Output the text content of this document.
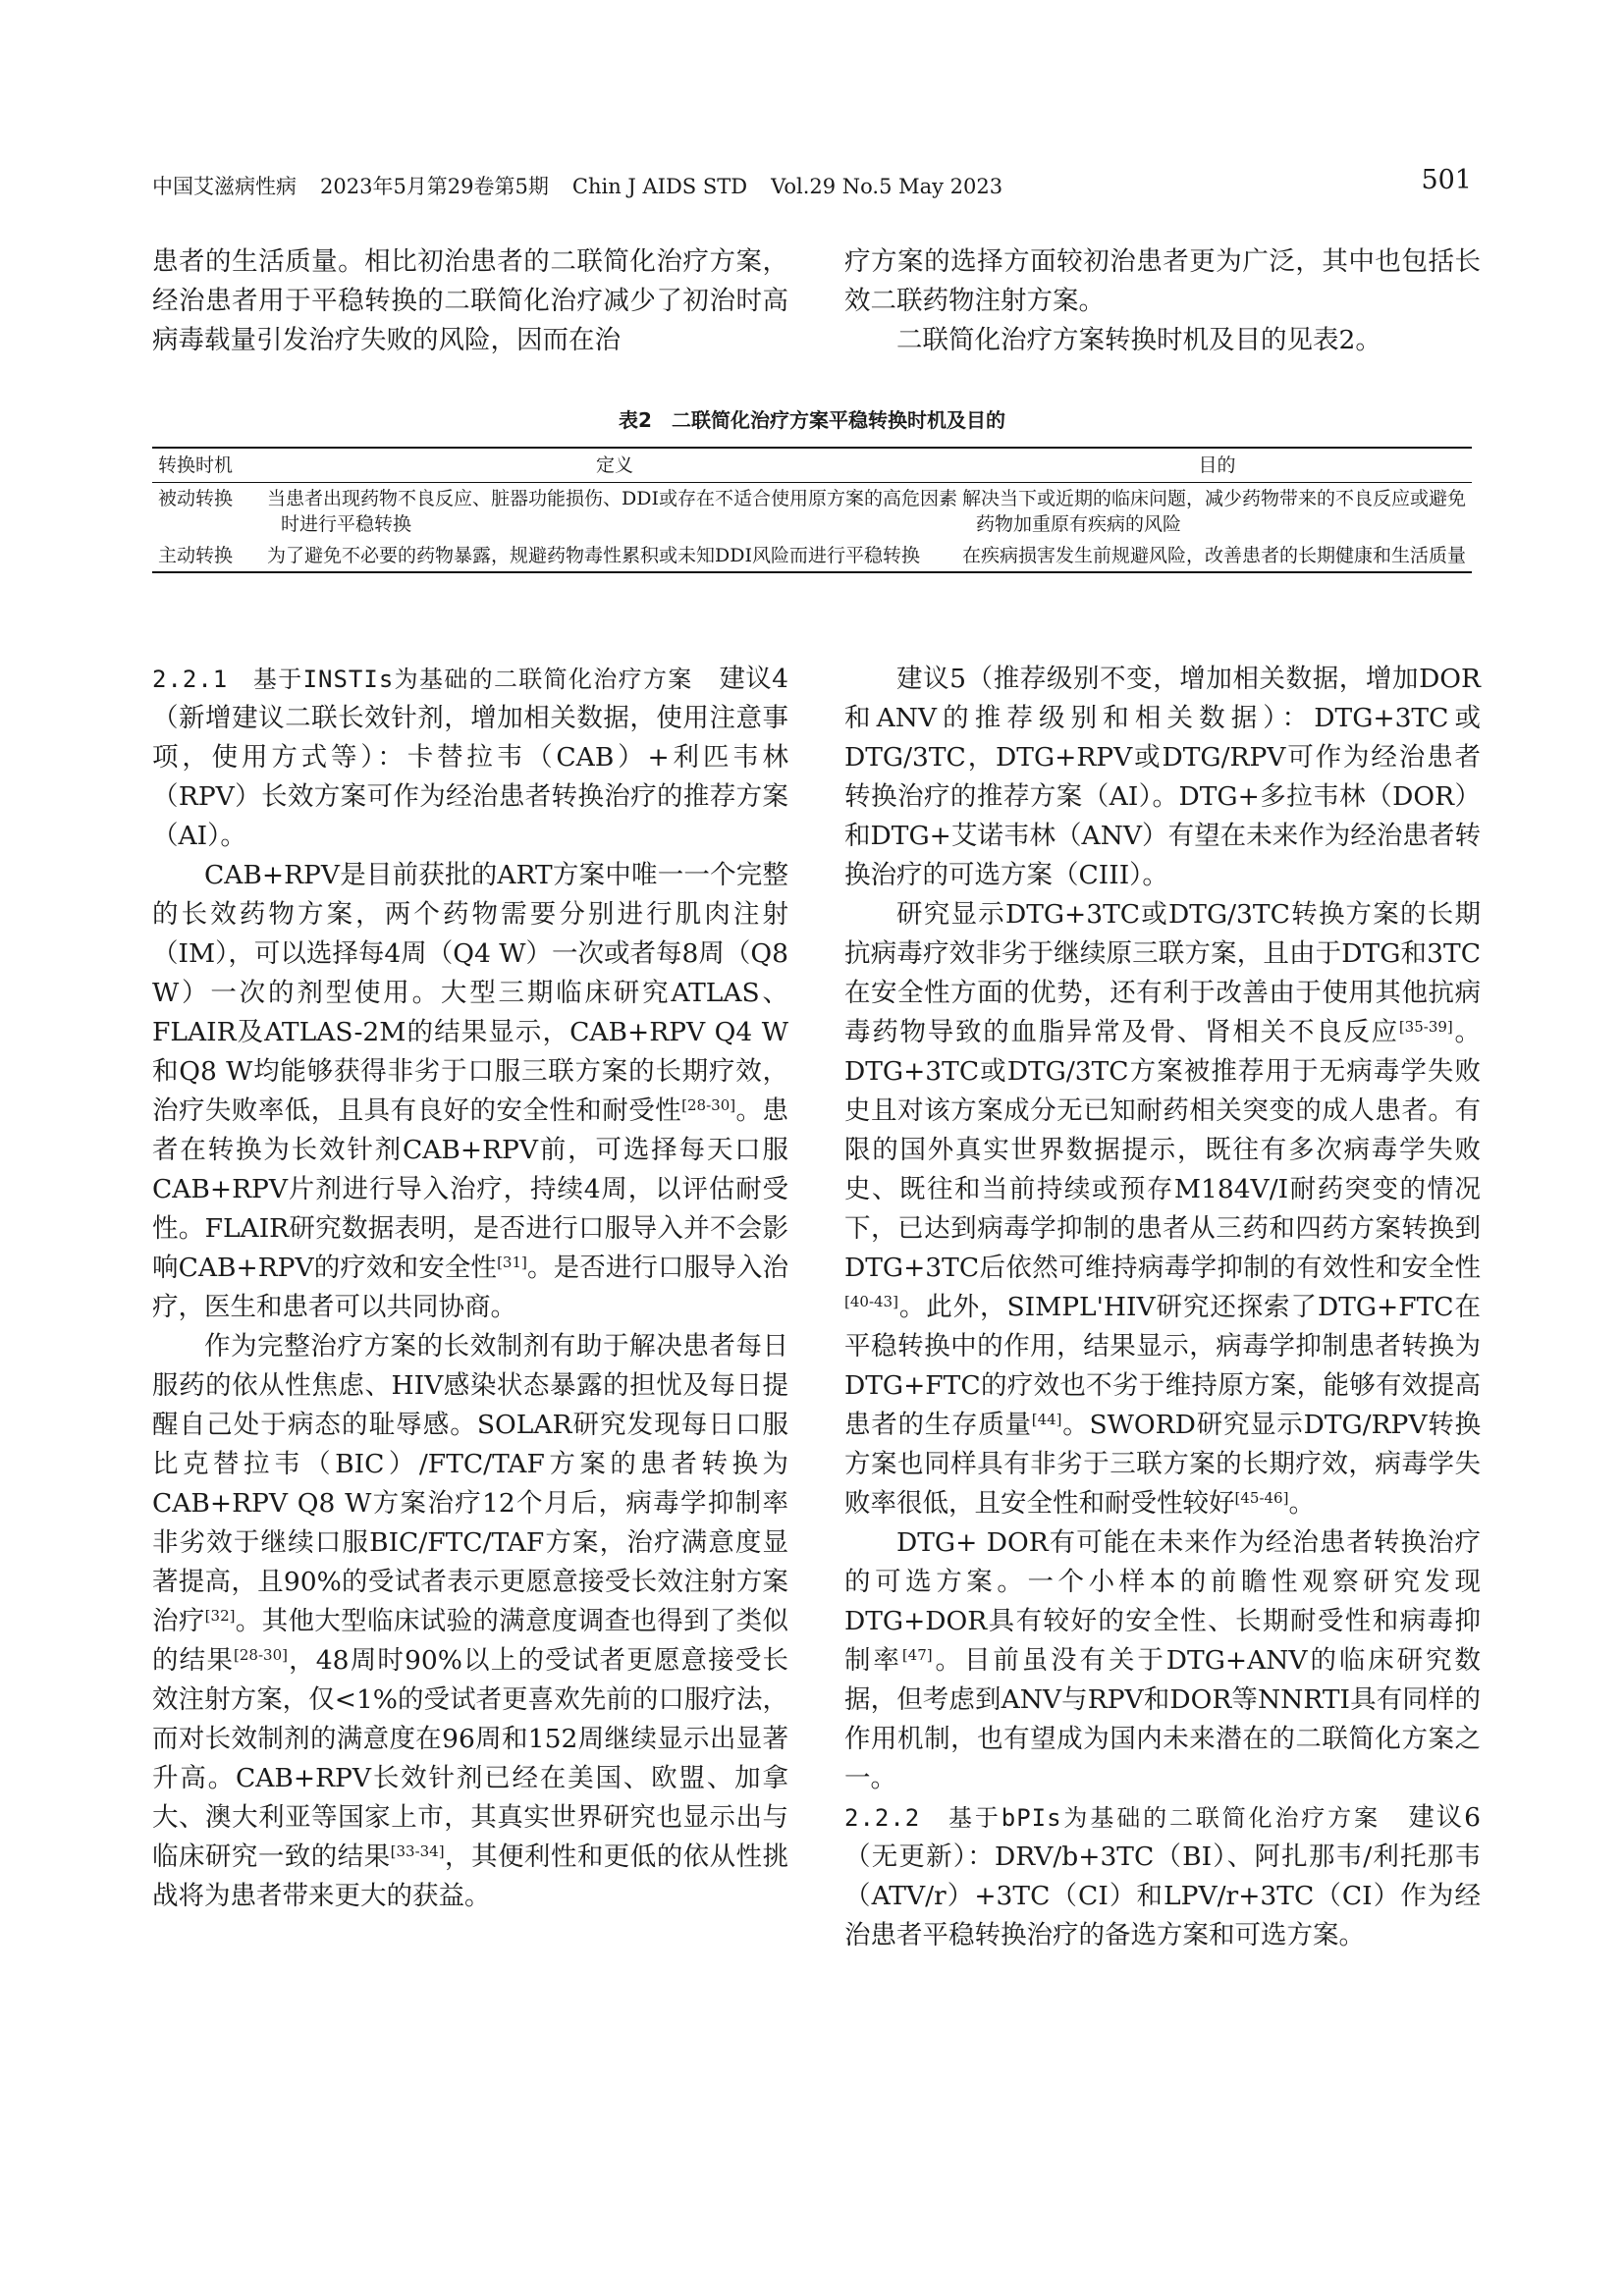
中国艾滋病性病 2023年5月第29卷第5期 Chin J AIDS STD Vol.29 No.5 May 2023	501

患者的生活质量。相比初治患者的二联简化治疗方案，经治患者用于平稳转换的二联简化治疗减少了初治时高病毒载量引发治疗失败的风险，因而在治

疗方案的选择方面较初治患者更为广泛，其中也包括长效二联药物注射方案。

二联简化治疗方案转换时机及目的见表2。

表2　二联简化治疗方案平稳转换时机及目的
转换时机	定义	目的
被动转换	当患者出现药物不良反应、脏器功能损伤、DDI或存在不适合使用原方案的高危因素时进行平稳转换	解决当下或近期的临床问题，减少药物带来的不良反应或避免药物加重原有疾病的风险
主动转换	为了避免不必要的药物暴露，规避药物毒性累积或未知DDI风险而进行平稳转换	在疾病损害发生前规避风险，改善患者的长期健康和生活质量

2.2.1　基于INSTIs为基础的二联简化治疗方案　建议4（新增建议二联长效针剂，增加相关数据，使用注意事项，使用方式等）：卡替拉韦（CAB）+利匹韦林（RPV）长效方案可作为经治患者转换治疗的推荐方案（AI）。

CAB+RPV是目前获批的ART方案中唯一一个完整的长效药物方案，两个药物需要分别进行肌肉注射（IM），可以选择每4周（Q4 W）一次或者每8周（Q8 W）一次的剂型使用。大型三期临床研究ATLAS、FLAIR及ATLAS-2M的结果显示，CAB+RPV Q4 W和Q8 W均能够获得非劣于口服三联方案的长期疗效，治疗失败率低，且具有良好的安全性和耐受性[28-30]。患者在转换为长效针剂CAB+RPV前，可选择每天口服CAB+RPV片剂进行导入治疗，持续4周，以评估耐受性。FLAIR研究数据表明，是否进行口服导入并不会影响CAB+RPV的疗效和安全性[31]。是否进行口服导入治疗，医生和患者可以共同协商。

作为完整治疗方案的长效制剂有助于解决患者每日服药的依从性焦虑、HIV感染状态暴露的担忧及每日提醒自己处于病态的耻辱感。SOLAR研究发现每日口服比克替拉韦（BIC）/FTC/TAF方案的患者转换为CAB+RPV Q8 W方案治疗12个月后，病毒学抑制率非劣效于继续口服BIC/FTC/TAF方案，治疗满意度显著提高，且90%的受试者表示更愿意接受长效注射方案治疗[32]。其他大型临床试验的满意度调查也得到了类似的结果[28-30]，48周时90%以上的受试者更愿意接受长效注射方案，仅<1%的受试者更喜欢先前的口服疗法，而对长效制剂的满意度在96周和152周继续显示出显著升高。CAB+RPV长效针剂已经在美国、欧盟、加拿大、澳大利亚等国家上市，其真实世界研究也显示出与临床研究一致的结果[33-34]，其便利性和更低的依从性挑战将为患者带来更大的获益。

建议5（推荐级别不变，增加相关数据，增加DOR和ANV的推荐级别和相关数据）：DTG+3TC或DTG/3TC，DTG+RPV或DTG/RPV可作为经治患者转换治疗的推荐方案（AI）。DTG+多拉韦林（DOR）和DTG+艾诺韦林（ANV）有望在未来作为经治患者转换治疗的可选方案（CIII）。

研究显示DTG+3TC或DTG/3TC转换方案的长期抗病毒疗效非劣于继续原三联方案，且由于DTG和3TC在安全性方面的优势，还有利于改善由于使用其他抗病毒药物导致的血脂异常及骨、肾相关不良反应[35-39]。DTG+3TC或DTG/3TC方案被推荐用于无病毒学失败史且对该方案成分无已知耐药相关突变的成人患者。有限的国外真实世界数据提示，既往有多次病毒学失败史、既往和当前持续或预存M184V/I耐药突变的情况下，已达到病毒学抑制的患者从三药和四药方案转换到DTG+3TC后依然可维持病毒学抑制的有效性和安全性[40-43]。此外，SIMPL'HIV研究还探索了DTG+FTC在平稳转换中的作用，结果显示，病毒学抑制患者转换为DTG+FTC的疗效也不劣于维持原方案，能够有效提高患者的生存质量[44]。SWORD研究显示DTG/RPV转换方案也同样具有非劣于三联方案的长期疗效，病毒学失败率很低，且安全性和耐受性较好[45-46]。

DTG+ DOR有可能在未来作为经治患者转换治疗的可选方案。一个小样本的前瞻性观察研究发现DTG+DOR具有较好的安全性、长期耐受性和病毒抑制率[47]。目前虽没有关于DTG+ANV的临床研究数据，但考虑到ANV与RPV和DOR等NNRTI具有同样的作用机制，也有望成为国内未来潜在的二联简化方案之一。

2.2.2　基于bPIs为基础的二联简化治疗方案　建议6（无更新）：DRV/b+3TC（BI）、阿扎那韦/利托那韦（ATV/r）+3TC（CI）和LPV/r+3TC（CI）作为经治患者平稳转换治疗的备选方案和可选方案。
